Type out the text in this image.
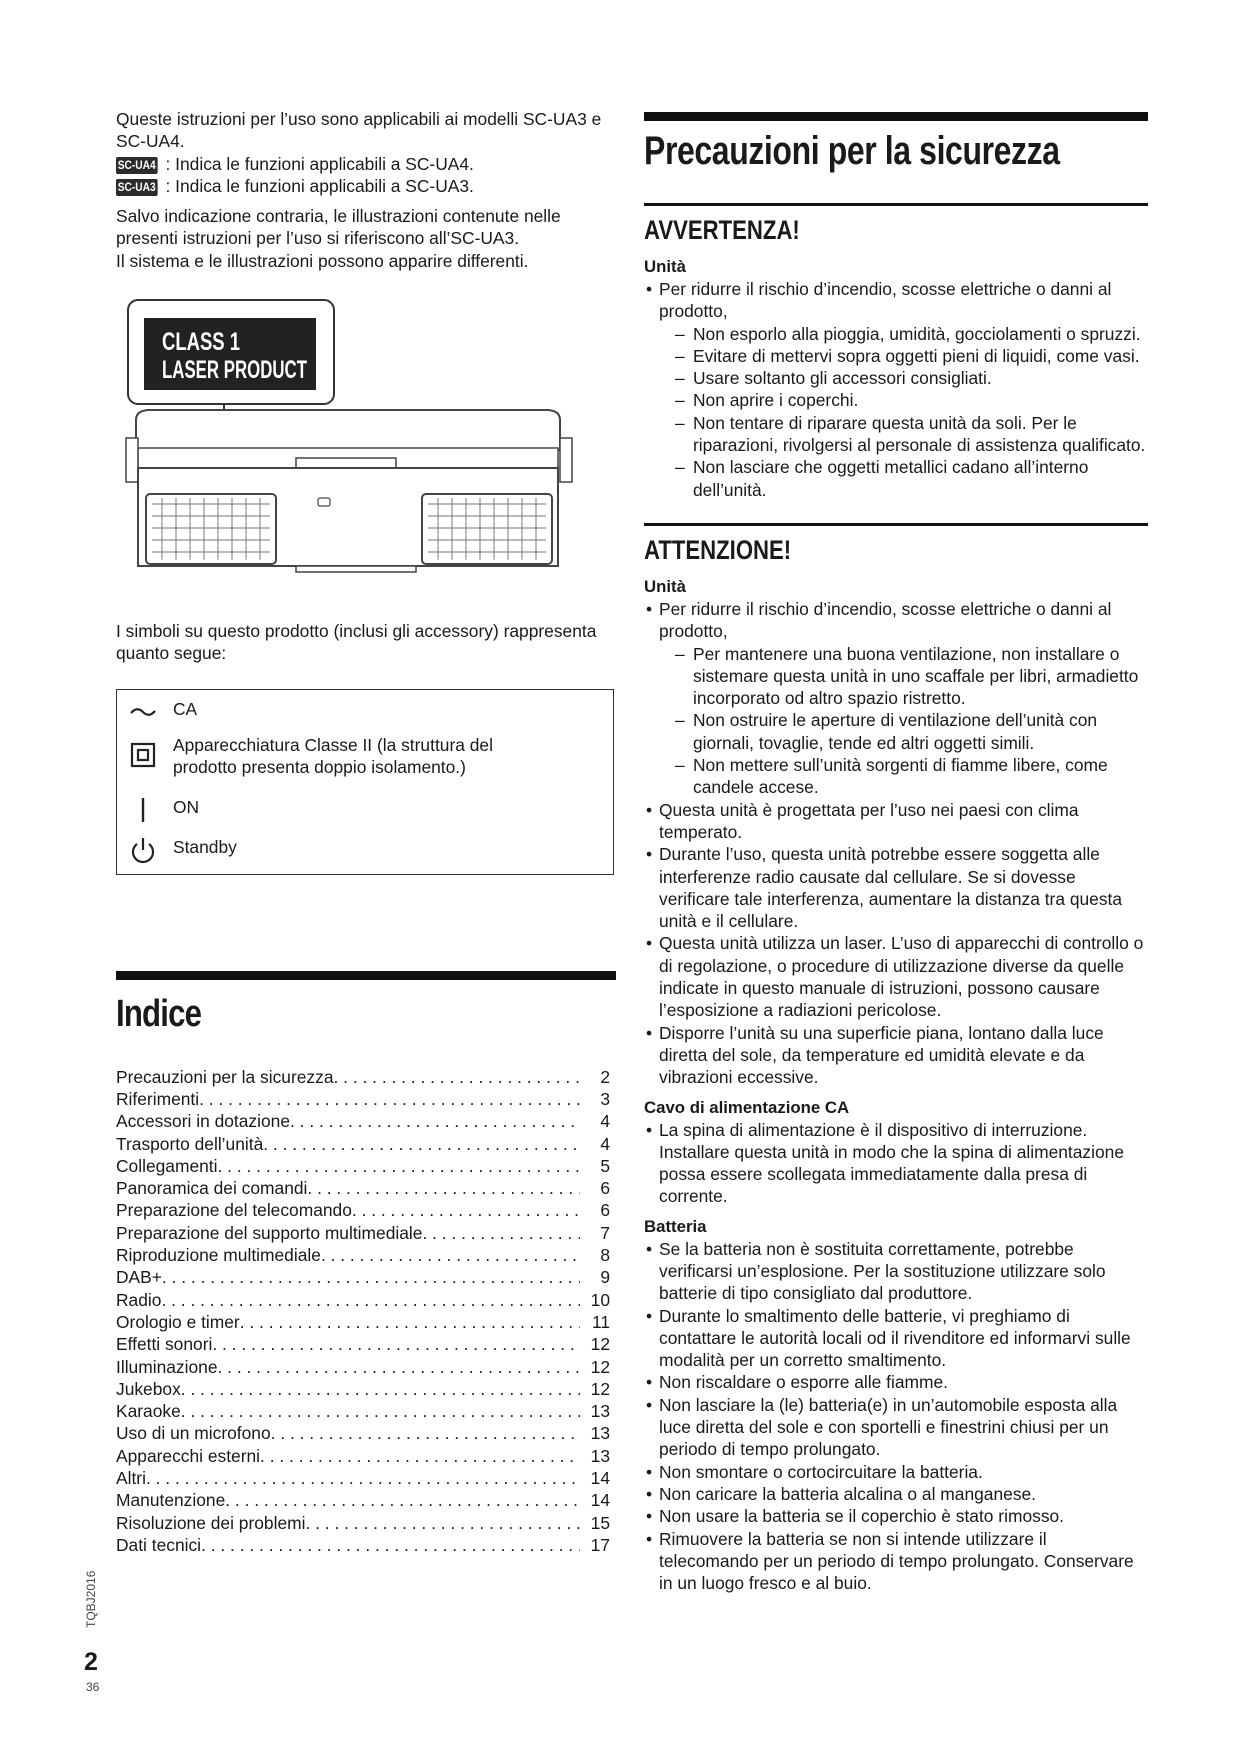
Queste istruzioni per l’uso sono applicabili ai modelli SC-UA3 e SC-UA4.

SC-UA4 : Indica le funzioni applicabili a SC-UA4.

SC-UA3 : Indica le funzioni applicabili a SC-UA3.

Salvo indicazione contraria, le illustrazioni contenute nelle presenti istruzioni per l’uso si riferiscono all’SC-UA3.

Il sistema e le illustrazioni possono apparire differenti.

CLASS 1
LASER PRODUCT

I simboli su questo prodotto (inclusi gli accessory) rappresenta quanto segue:

CA
Apparecchiatura Classe II (la struttura del prodotto presenta doppio isolamento.)
ON
Standby
Indice
Precauzioni per la sicurezza . . .	2
Riferimenti . . .	3
Accessori in dotazione . . .	4
Trasporto dell’unità . . .	4
Collegamenti . . .	5
Panoramica dei comandi . . .	6
Preparazione del telecomando . . .	6
Preparazione del supporto multimediale . . .	7
Riproduzione multimediale . . .	8
DAB+ . . .	9
Radio . . .	10
Orologio e timer . . .	11
Effetti sonori . . .	12
Illuminazione . . .	12
Jukebox . . .	12
Karaoke . . .	13
Uso di un microfono . . .	13
Apparecchi esterni . . .	13
Altri . . .	14
Manutenzione . . .	14
Risoluzione dei problemi . . .	15
Dati tecnici . . .	17
Precauzioni per la sicurezza
AVVERTENZA!
Unità
• Per ridurre il rischio d’incendio, scosse elettriche o danni al prodotto,
– Non esporlo alla pioggia, umidità, gocciolamenti o spruzzi.
– Evitare di mettervi sopra oggetti pieni di liquidi, come vasi.
– Usare soltanto gli accessori consigliati.
– Non aprire i coperchi.
– Non tentare di riparare questa unità da soli. Per le riparazioni, rivolgersi al personale di assistenza qualificato.
– Non lasciare che oggetti metallici cadano all’interno dell’unità.
ATTENZIONE!
Unità
• Per ridurre il rischio d’incendio, scosse elettriche o danni al prodotto,
– Per mantenere una buona ventilazione, non installare o sistemare questa unità in uno scaffale per libri, armadietto incorporato od altro spazio ristretto.
– Non ostruire le aperture di ventilazione dell’unità con giornali, tovaglie, tende ed altri oggetti simili.
– Non mettere sull’unità sorgenti di fiamme libere, come candele accese.
• Questa unità è progettata per l’uso nei paesi con clima temperato.
• Durante l’uso, questa unità potrebbe essere soggetta alle interferenze radio causate dal cellulare. Se si dovesse verificare tale interferenza, aumentare la distanza tra questa unità e il cellulare.
• Questa unità utilizza un laser. L’uso di apparecchi di controllo o di regolazione, o procedure di utilizzazione diverse da quelle indicate in questo manuale di istruzioni, possono causare l’esposizione a radiazioni pericolose.
• Disporre l’unità su una superficie piana, lontano dalla luce diretta del sole, da temperature ed umidità elevate e da vibrazioni eccessive.
Cavo di alimentazione CA
• La spina di alimentazione è il dispositivo di interruzione. Installare questa unità in modo che la spina di alimentazione possa essere scollegata immediatamente dalla presa di corrente.
Batteria
• Se la batteria non è sostituita correttamente, potrebbe verificarsi un’esplosione. Per la sostituzione utilizzare solo batterie di tipo consigliato dal produttore.
• Durante lo smaltimento delle batterie, vi preghiamo di contattare le autorità locali od il rivenditore ed informarvi sulle modalità per un corretto smaltimento.
• Non riscaldare o esporre alle fiamme.
• Non lasciare la (le) batteria(e) in un’automobile esposta alla luce diretta del sole e con sportelli e finestrini chiusi per un periodo di tempo prolungato.
• Non smontare o cortocircuitare la batteria.
• Non caricare la batteria alcalina o al manganese.
• Non usare la batteria se il coperchio è stato rimosso.
• Rimuovere la batteria se non si intende utilizzare il telecomando per un periodo di tempo prolungato. Conservare in un luogo fresco e al buio.
TQBJ2016
2
36
